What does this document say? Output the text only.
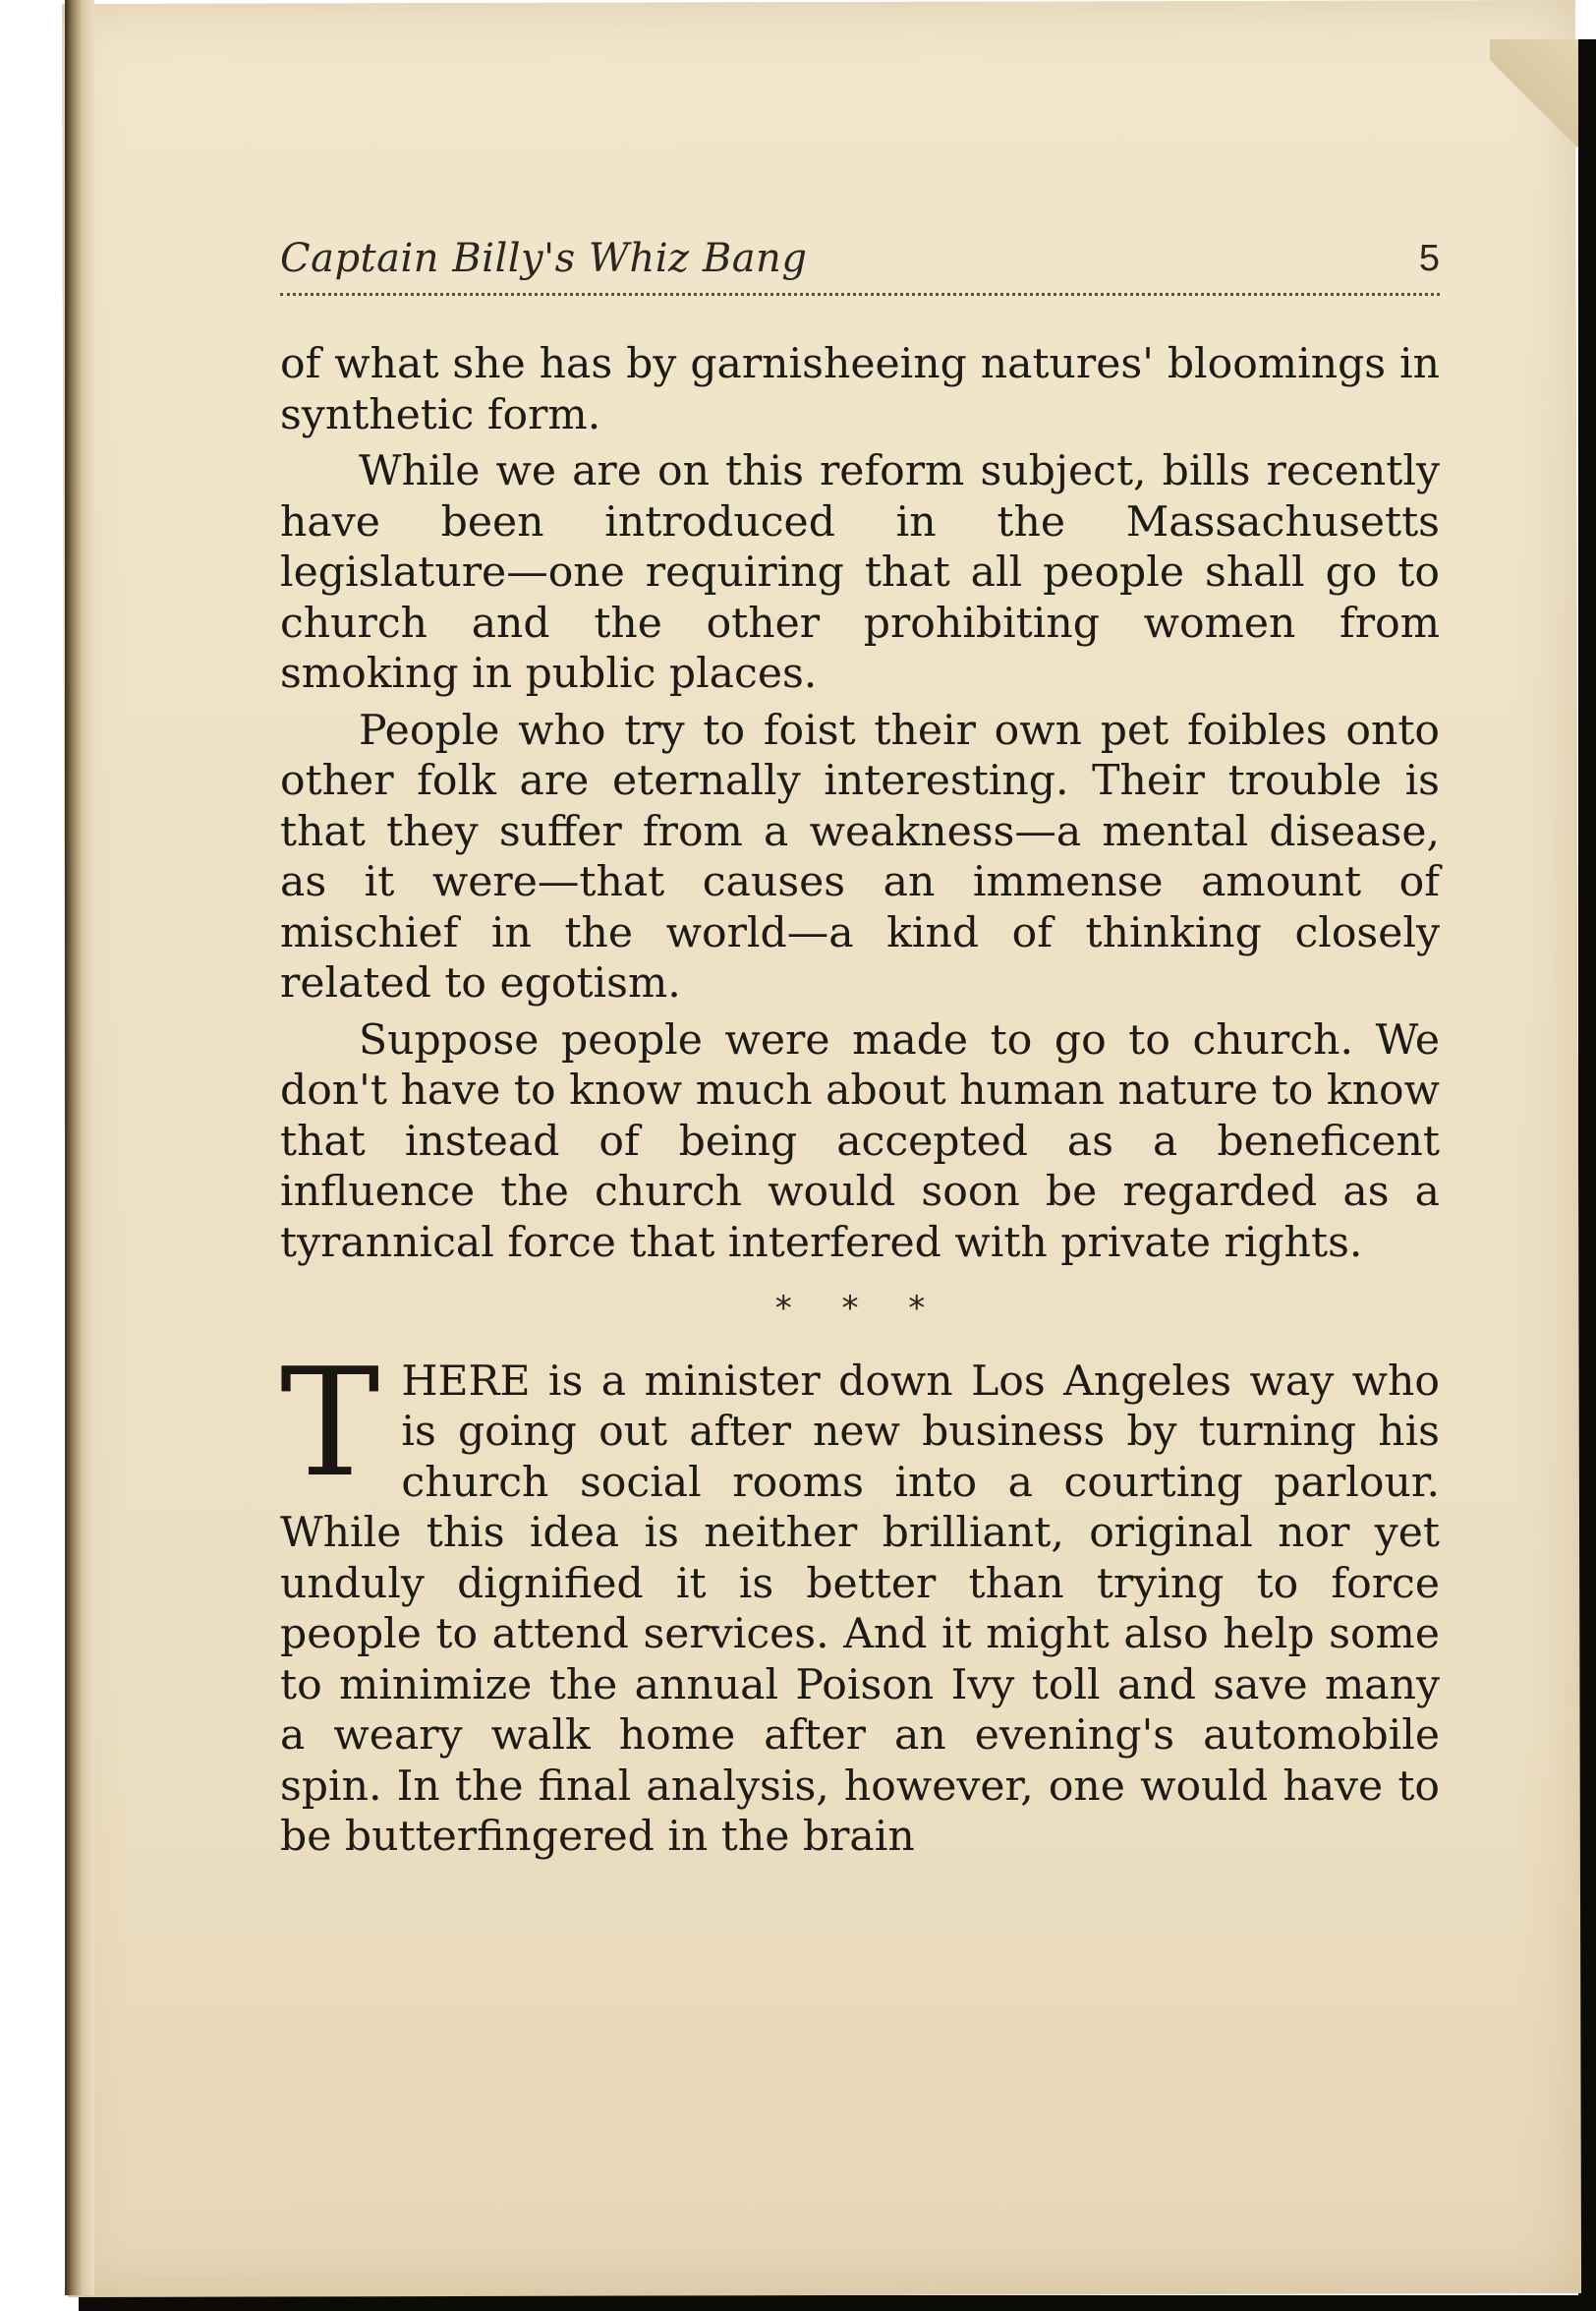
Captain Billy's Whiz Bang	5

of what she has by garnisheeing natures' bloomings in synthetic form.

While we are on this reform subject, bills recently have been introduced in the Massachusetts legislature—one requiring that all people shall go to church and the other prohibiting women from smoking in public places.

People who try to foist their own pet foibles onto other folk are eternally interesting. Their trouble is that they suffer from a weakness—a mental disease, as it were—that causes an immense amount of mischief in the world—a kind of thinking closely related to egotism.

Suppose people were made to go to church. We don't have to know much about human nature to know that instead of being accepted as a beneficent influence the church would soon be regarded as a tyrannical force that interfered with private rights.

* * *
T HERE is a minister down Los Angeles way who is going out after new business by turning his church social rooms into a courting parlour. While this idea is neither brilliant, original nor yet unduly dignified it is better than trying to force people to attend services. And it might also help some to minimize the annual Poison Ivy toll and save many a weary walk home after an evening's automobile spin. In the final analysis, however, one would have to be butterfingered in the brain
